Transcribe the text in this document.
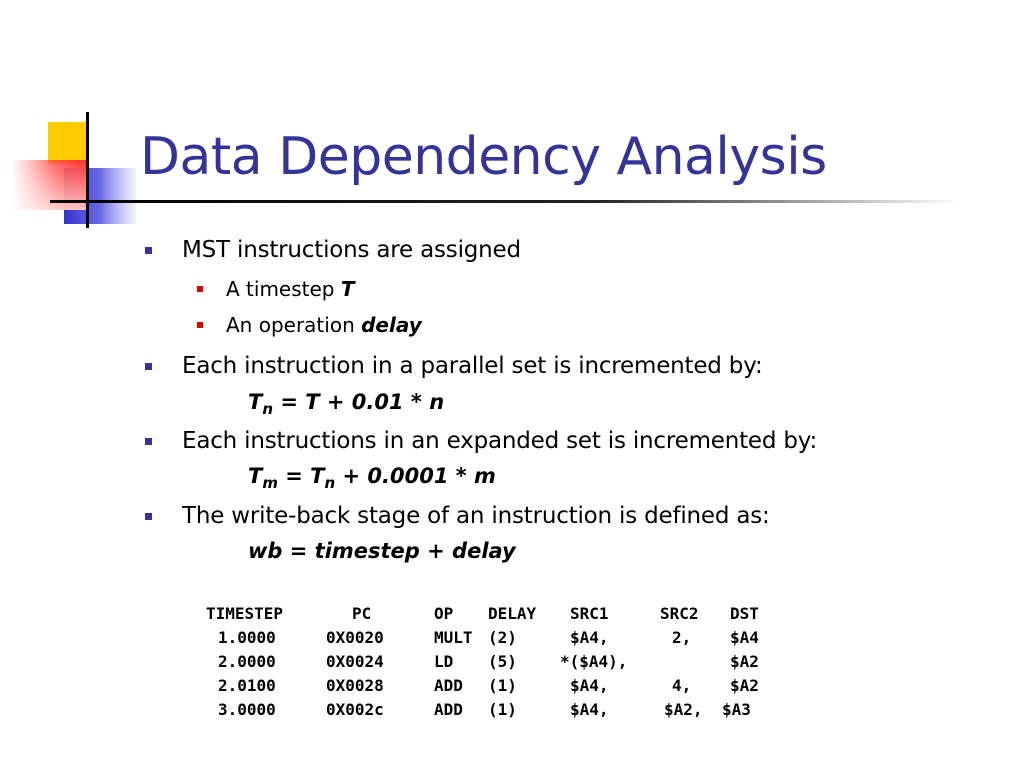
Data Dependency Analysis
MST instructions are assigned
A timestep T
An operation delay
Each instruction in a parallel set is incremented by:
$T_n = T + 0.01 * n$
Each instructions in an expanded set is incremented by:
$T_m = T_n + 0.0001 * m$
The write-back stage of an instruction is defined as:
wb = timestep + delay
TIMESTEP	PC	OP	DELAY	SRC1	SRC2	DST
1.0000	0X0020	MULT	(2)	$A4,	2,	$A4
2.0000	0X0024	LD	(5)	*($A4),		$A2
2.0100	0X0028	ADD	(1)	$A4,	4,	$A2
3.0000	0X002c	ADD	(1)	$A4,	$A2,	$A3
